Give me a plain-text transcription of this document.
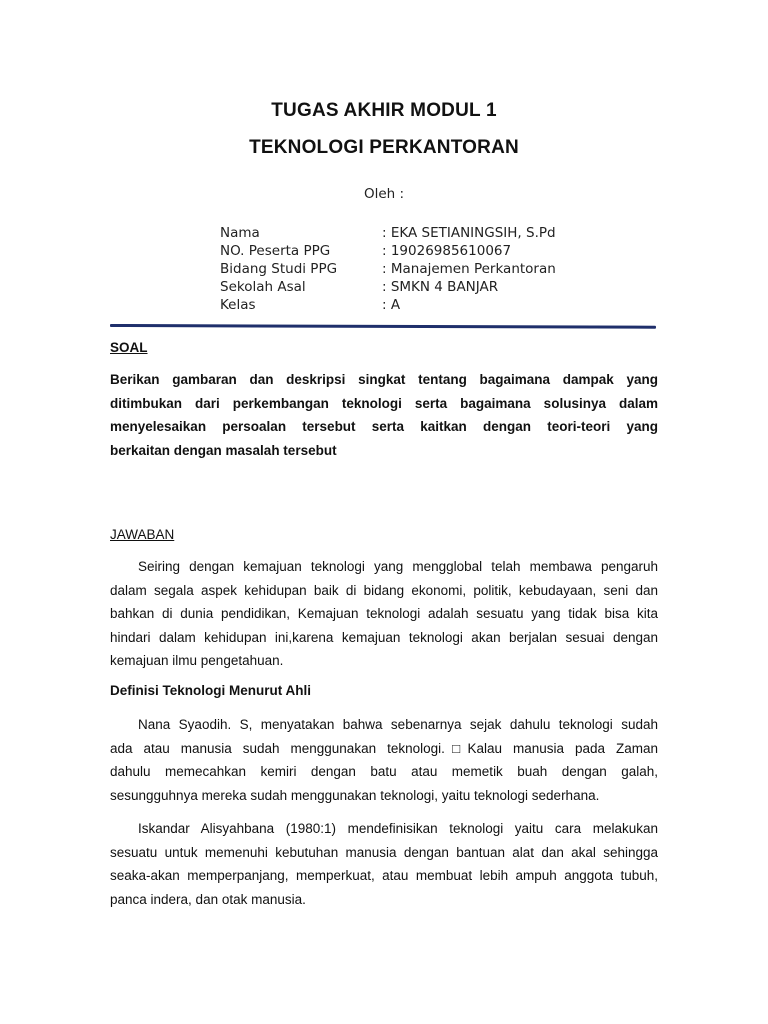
TUGAS AKHIR MODUL 1
TEKNOLOGI PERKANTORAN
Oleh :
Nama	: EKA SETIANINGSIH, S.Pd
NO. Peserta PPG	: 19026985610067
Bidang Studi PPG	: Manajemen Perkantoran
Sekolah Asal	: SMKN 4 BANJAR
Kelas	: A
SOAL
Berikan gambaran dan deskripsi singkat tentang bagaimana dampak yang
ditimbukan dari perkembangan teknologi serta bagaimana solusinya dalam
menyelesaikan persoalan tersebut serta kaitkan dengan teori-teori yang
berkaitan dengan masalah tersebut
JAWABAN
Seiring dengan kemajuan teknologi yang mengglobal telah membawa pengaruh
dalam segala aspek kehidupan baik di bidang ekonomi, politik, kebudayaan, seni dan
bahkan di dunia pendidikan, Kemajuan teknologi adalah sesuatu yang tidak bisa kita
hindari dalam kehidupan ini,karena kemajuan teknologi akan berjalan sesuai dengan
kemajuan ilmu pengetahuan.
Definisi Teknologi Menurut Ahli
Nana Syaodih. S, menyatakan bahwa sebenarnya sejak dahulu teknologi sudah
ada atau manusia sudah menggunakan teknologi.□Kalau manusia pada Zaman
dahulu memecahkan kemiri dengan batu atau memetik buah dengan galah,
sesungguhnya mereka sudah menggunakan teknologi, yaitu teknologi sederhana.
Iskandar Alisyahbana (1980:1) mendefinisikan teknologi yaitu cara melakukan
sesuatu untuk memenuhi kebutuhan manusia dengan bantuan alat dan akal sehingga
seaka-akan memperpanjang, memperkuat, atau membuat lebih ampuh anggota tubuh,
panca indera, dan otak manusia.
